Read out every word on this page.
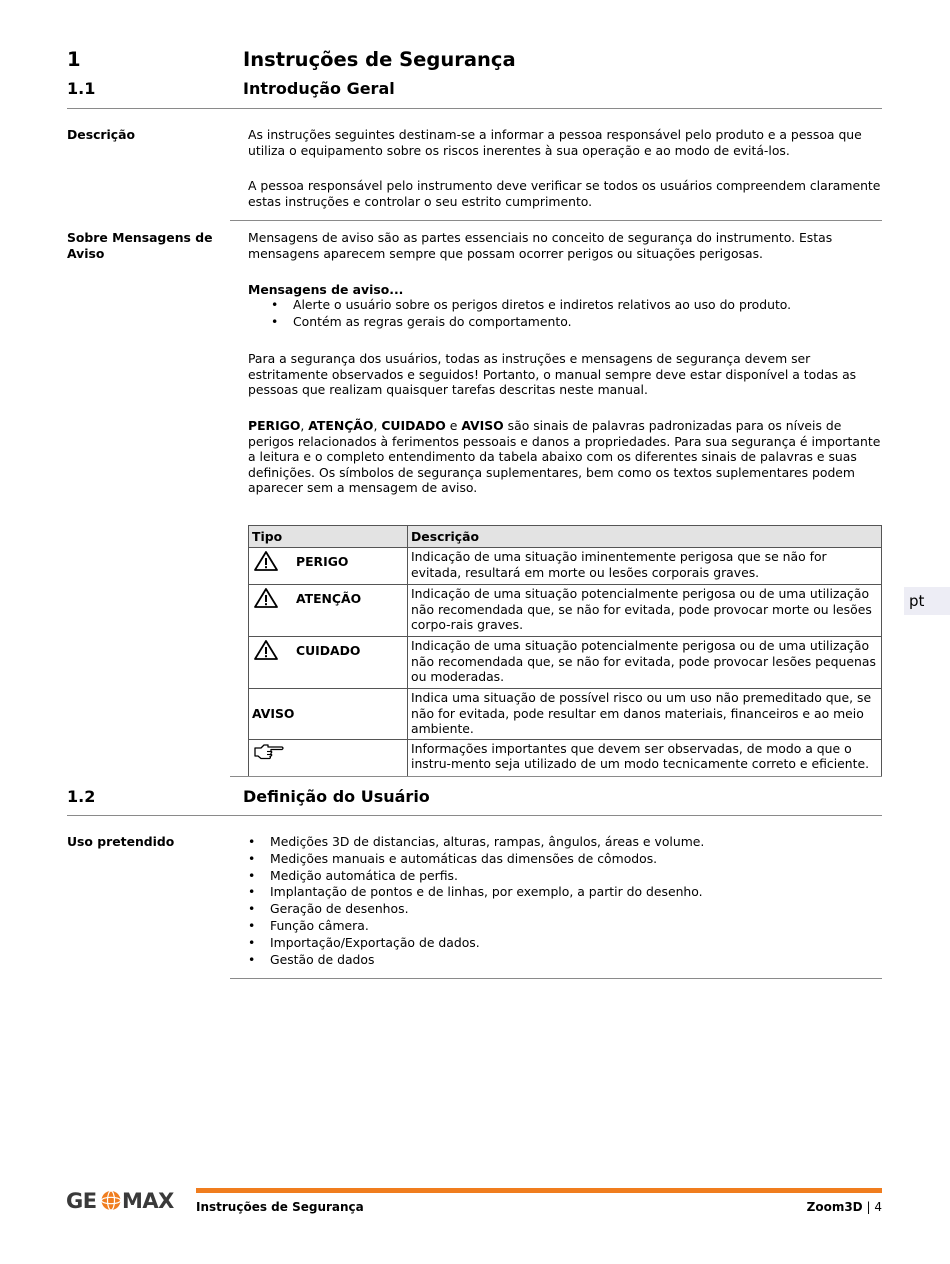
1	Instruções de Segurança
1.1	Introdução Geral
Descrição	As instruções seguintes destinam-se a informar a pessoa responsável pelo produto e a pessoa que utiliza o equipamento sobre os riscos inerentes à sua operação e ao modo de evitá-los.
A pessoa responsável pelo instrumento deve verificar se todos os usuários compreendem claramente estas instruções e controlar o seu estrito cumprimento.
Sobre Mensagens de Aviso
Mensagens de aviso são as partes essenciais no conceito de segurança do instrumento. Estas mensagens aparecem sempre que possam ocorrer perigos ou situações perigosas.
Mensagens de aviso...
• Alerte o usuário sobre os perigos diretos e indiretos relativos ao uso do produto.
• Contém as regras gerais do comportamento.
Para a segurança dos usuários, todas as instruções e mensagens de segurança devem ser estritamente observados e seguidos! Portanto, o manual sempre deve estar disponível a todas as pessoas que realizam quaisquer tarefas descritas neste manual.
PERIGO, ATENÇÃO, CUIDADO e AVISO são sinais de palavras padronizadas para os níveis de perigos relacionados à ferimentos pessoais e danos a propriedades. Para sua segurança é importante a leitura e o completo entendimento da tabela abaixo com os diferentes sinais de palavras e suas definições. Os símbolos de segurança suplementares, bem como os textos suplementares podem aparecer sem a mensagem de aviso.
Tipo	Descrição

PERIGO	Indicação de uma situação iminentemente perigosa que se não for evitada, resultará em morte ou lesões corporais graves.

ATENÇÃO	Indicação de uma situação potencialmente perigosa ou de uma utilização não recomendada que, se não for evitada, pode provocar morte ou lesões corpo-rais graves.

CUIDADO	Indicação de uma situação potencialmente perigosa ou de uma utilização não recomendada que, se não for evitada, pode provocar lesões pequenas ou moderadas.
AVISO	Indica uma situação de possível risco ou um uso não premeditado que, se não for evitada, pode resultar em danos materiais, financeiros e ao meio ambiente.

	Informações importantes que devem ser observadas, de modo a que o instru-mento seja utilizado de um modo tecnicamente correto e eficiente.
1.2	Definição do Usuário
Uso pretendido	• Medições 3D de distancias, alturas, rampas, ângulos, áreas e volume.
• Medições manuais e automáticas das dimensões de cômodos.
• Medição automática de perfis.
• Implantação de pontos e de linhas, por exemplo, a partir do desenho.
• Geração de desenhos.
• Função câmera.
• Importação/Exportação de dados.
• Gestão de dados
pt
GE MAX Instruções de Segurança	Zoom3D | 4
